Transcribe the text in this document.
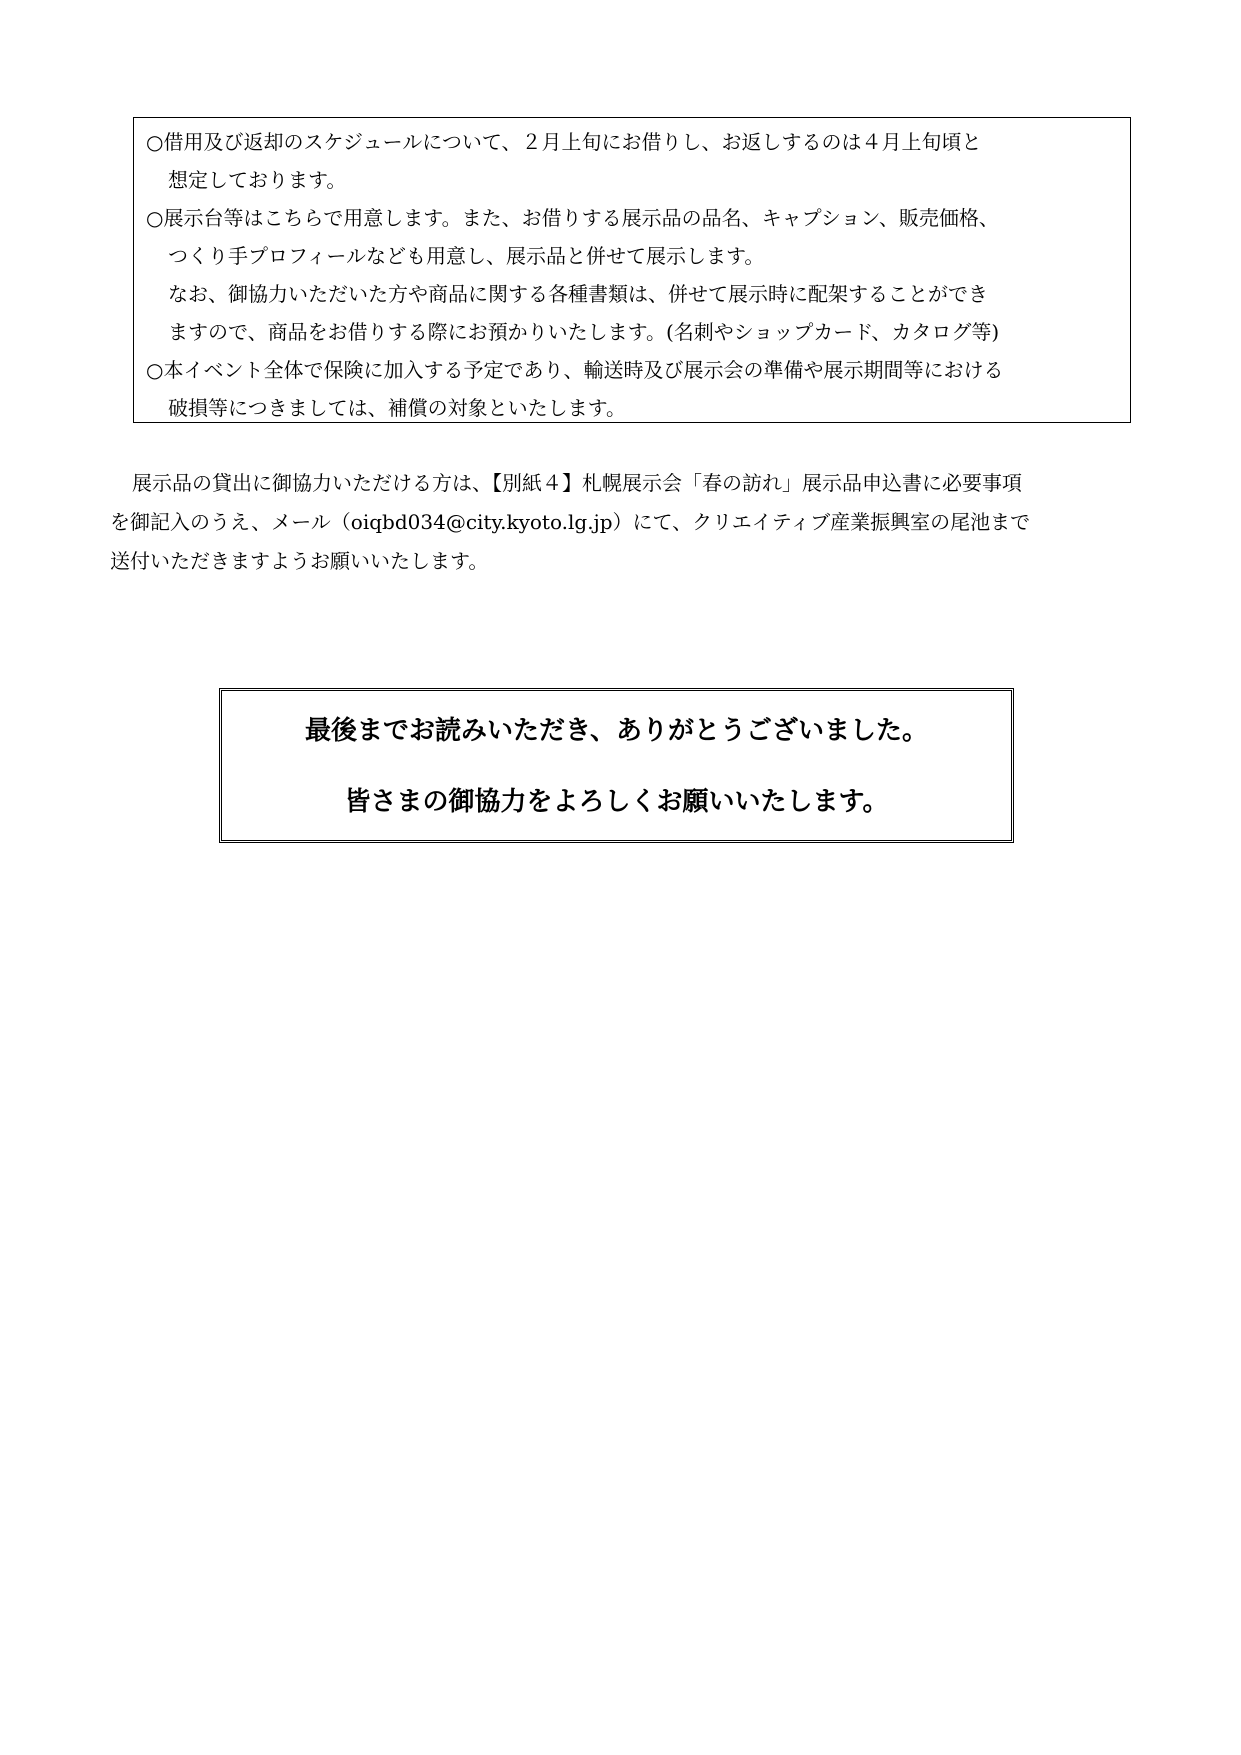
○借用及び返却のスケジュールについて、２月上旬にお借りし、お返しするのは４月上旬頃と
想定しております。
○展示台等はこちらで用意します。また、お借りする展示品の品名、キャプション、販売価格、
つくり手プロフィールなども用意し、展示品と併せて展示します。
なお、御協力いただいた方や商品に関する各種書類は、併せて展示時に配架することができ
ますので、商品をお借りする際にお預かりいたします。(名刺やショップカード、カタログ等)
○本イベント全体で保険に加入する予定であり、輸送時及び展示会の準備や展示期間等における
破損等につきましては、補償の対象といたします。
展示品の貸出に御協力いただける方は、【別紙４】札幌展示会「春の訪れ」展示品申込書に必要事項
を御記入のうえ、メール（oiqbd034@city.kyoto.lg.jp）にて、クリエイティブ産業振興室の尾池まで
送付いただきますようお願いいたします。
最後までお読みいただき、ありがとうございました。
皆さまの御協力をよろしくお願いいたします。
